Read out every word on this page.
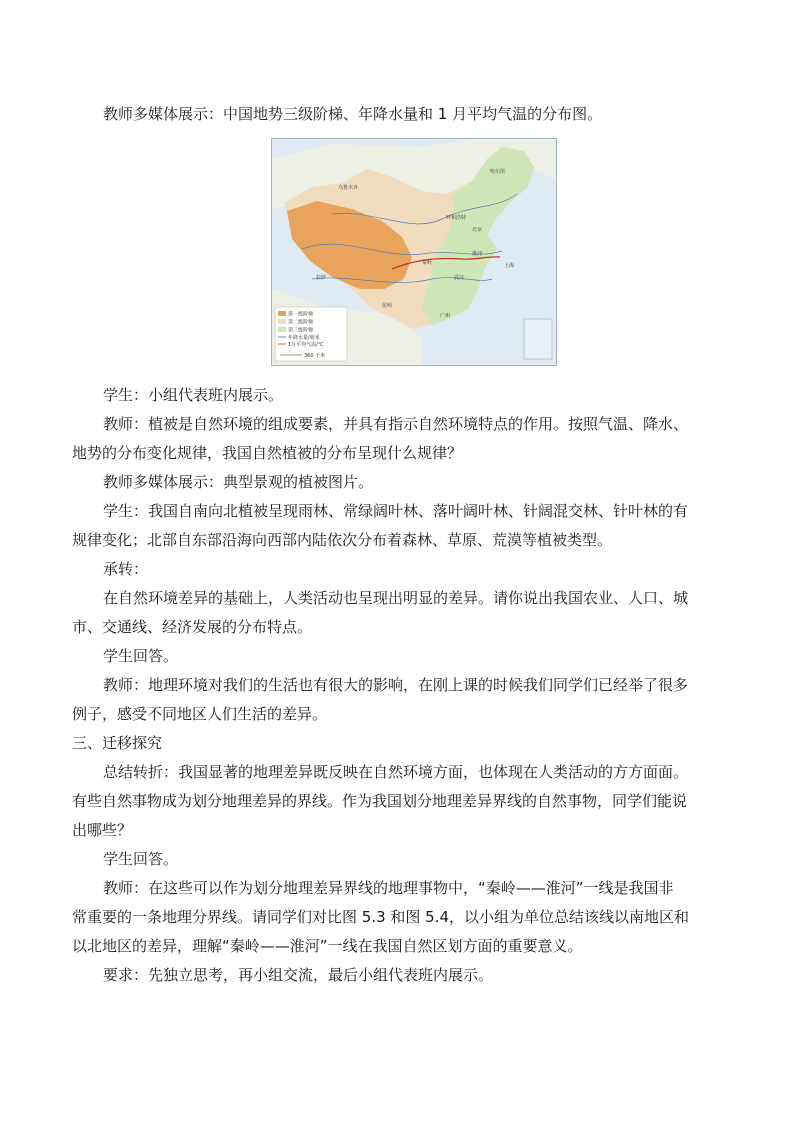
教师多媒体展示：中国地势三级阶梯、年降水量和 1 月平均气温的分布图。

第一级阶梯
第二级阶梯
第三级阶梯
年降水量/毫米
1月平均气温/℃
360 千米
哈尔滨
乌鲁木齐
呼和浩特
北京
拉萨
秦岭
淮河
上海
武汉
昆明
广州

学生：小组代表班内展示。

教师：植被是自然环境的组成要素，并具有指示自然环境特点的作用。按照气温、降水、

地势的分布变化规律，我国自然植被的分布呈现什么规律？

教师多媒体展示：典型景观的植被图片。

学生：我国自南向北植被呈现雨林、常绿阔叶林、落叶阔叶林、针阔混交林、针叶林的有

规律变化；北部自东部沿海向西部内陆依次分布着森林、草原、荒漠等植被类型。

承转：

在自然环境差异的基础上，人类活动也呈现出明显的差异。请你说出我国农业、人口、城

市、交通线、经济发展的分布特点。

学生回答。

教师：地理环境对我们的生活也有很大的影响，在刚上课的时候我们同学们已经举了很多

例子，感受不同地区人们生活的差异。

三、迁移探究

总结转折：我国显著的地理差异既反映在自然环境方面，也体现在人类活动的方方面面。

有些自然事物成为划分地理差异的界线。作为我国划分地理差异界线的自然事物，同学们能说

出哪些？

学生回答。

教师：在这些可以作为划分地理差异界线的地理事物中，“秦岭——淮河”一线是我国非

常重要的一条地理分界线。请同学们对比图 5.3 和图 5.4，以小组为单位总结该线以南地区和

以北地区的差异，理解“秦岭——淮河”一线在我国自然区划方面的重要意义。

要求：先独立思考，再小组交流，最后小组代表班内展示。
